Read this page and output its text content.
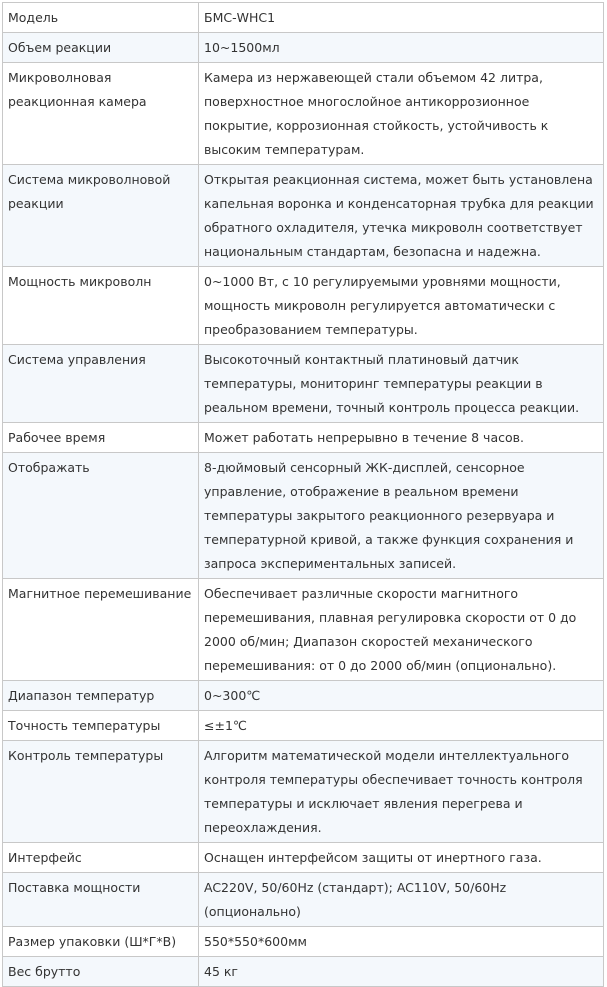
Модель	БМС-WHC1
Объем реакции	10~1500мл
Микроволновая реакционная камера	Камера из нержавеющей стали объемом 42 литра, поверхностное многослойное антикоррозионное покрытие, коррозионная стойкость, устойчивость к высоким температурам.
Система микроволновой реакции	Открытая реакционная система, может быть установлена капельная воронка и конденсаторная трубка для реакции обратного охладителя, утечка микроволн соответствует национальным стандартам, безопасна и надежна.
Мощность микроволн	0~1000 Вт, с 10 регулируемыми уровнями мощности, мощность микроволн регулируется автоматически с преобразованием температуры.
Система управления	Высокоточный контактный платиновый датчик температуры, мониторинг температуры реакции в реальном времени, точный контроль процесса реакции.
Рабочее время	Может работать непрерывно в течение 8 часов.
Отображать	8-дюймовый сенсорный ЖК-дисплей, сенсорное управление, отображение в реальном времени температуры закрытого реакционного резервуара и температурной кривой, а также функция сохранения и запроса экспериментальных записей.
Магнитное перемешивание	Обеспечивает различные скорости магнитного перемешивания, плавная регулировка скорости от 0 до 2000 об/мин; Диапазон скоростей механического перемешивания: от 0 до 2000 об/мин (опционально).
Диапазон температур	0~300℃
Точность температуры	≤±1℃
Контроль температуры	Алгоритм математической модели интеллектуального контроля температуры обеспечивает точность контроля температуры и исключает явления перегрева и переохлаждения.
Интерфейс	Оснащен интерфейсом защиты от инертного газа.
Поставка мощности	AC220V, 50/60Hz (стандарт); AC110V, 50/60Hz (опционально)
Размер упаковки (Ш*Г*В)	550*550*600мм
Вес брутто	45 кг
